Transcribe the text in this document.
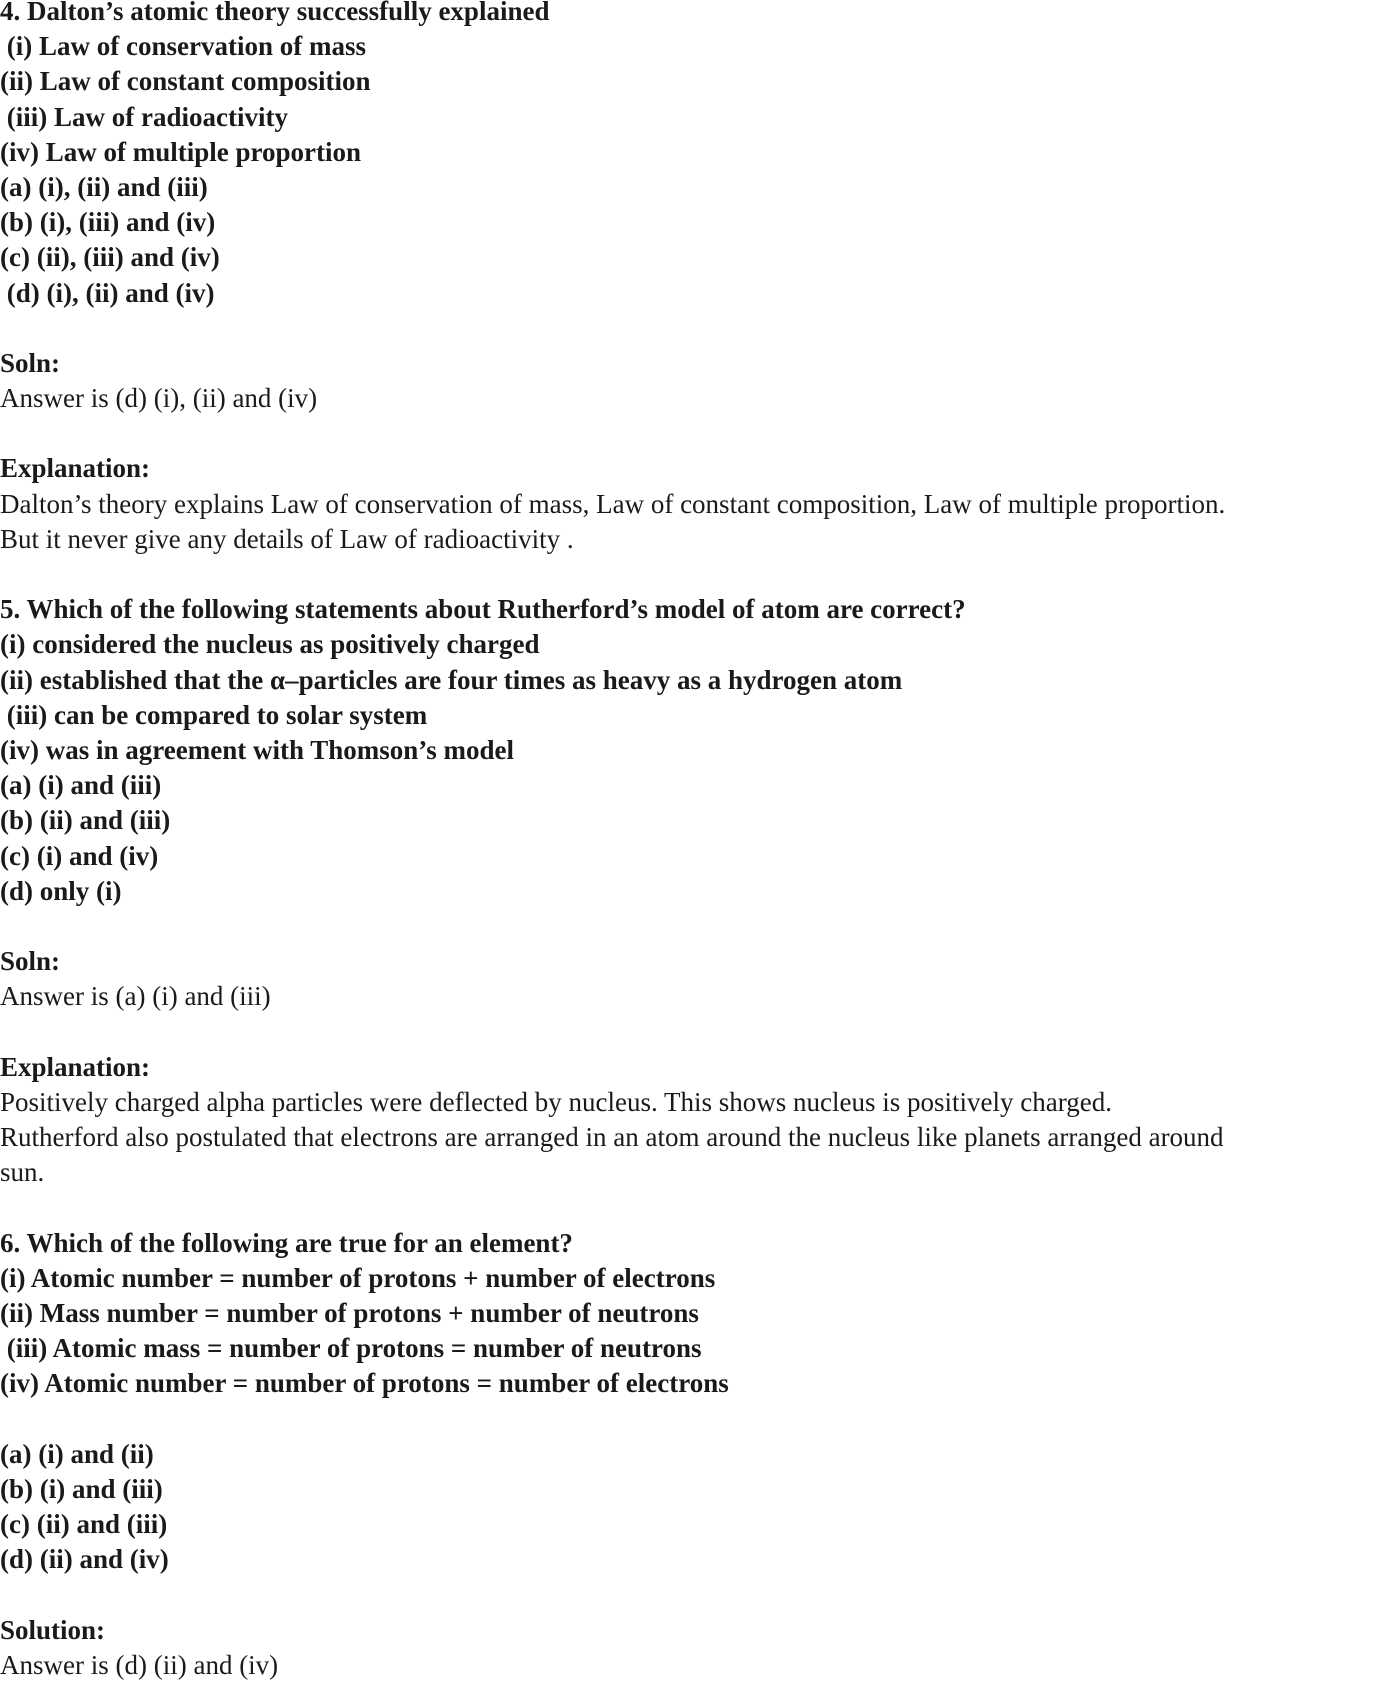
4. Dalton’s atomic theory successfully explained
(i) Law of conservation of mass
(ii) Law of constant composition
(iii) Law of radioactivity
(iv) Law of multiple proportion
(a) (i), (ii) and (iii)
(b) (i), (iii) and (iv)
(c) (ii), (iii) and (iv)
(d) (i), (ii) and (iv)
Soln:
Answer is (d) (i), (ii) and (iv)
Explanation:
Dalton’s theory explains Law of conservation of mass, Law of constant composition, Law of multiple proportion.
But it never give any details of Law of radioactivity .
5. Which of the following statements about Rutherford’s model of atom are correct?
(i) considered the nucleus as positively charged
(ii) established that the α–particles are four times as heavy as a hydrogen atom
(iii) can be compared to solar system
(iv) was in agreement with Thomson’s model
(a) (i) and (iii)
(b) (ii) and (iii)
(c) (i) and (iv)
(d) only (i)
Soln:
Answer is (a) (i) and (iii)
Explanation:
Positively charged alpha particles were deflected by nucleus. This shows nucleus is positively charged.
Rutherford also postulated that electrons are arranged in an atom around the nucleus like planets arranged around
sun.
6. Which of the following are true for an element?
(i) Atomic number = number of protons + number of electrons
(ii) Mass number = number of protons + number of neutrons
(iii) Atomic mass = number of protons = number of neutrons
(iv) Atomic number = number of protons = number of electrons
(a) (i) and (ii)
(b) (i) and (iii)
(c) (ii) and (iii)
(d) (ii) and (iv)
Solution:
Answer is (d) (ii) and (iv)
